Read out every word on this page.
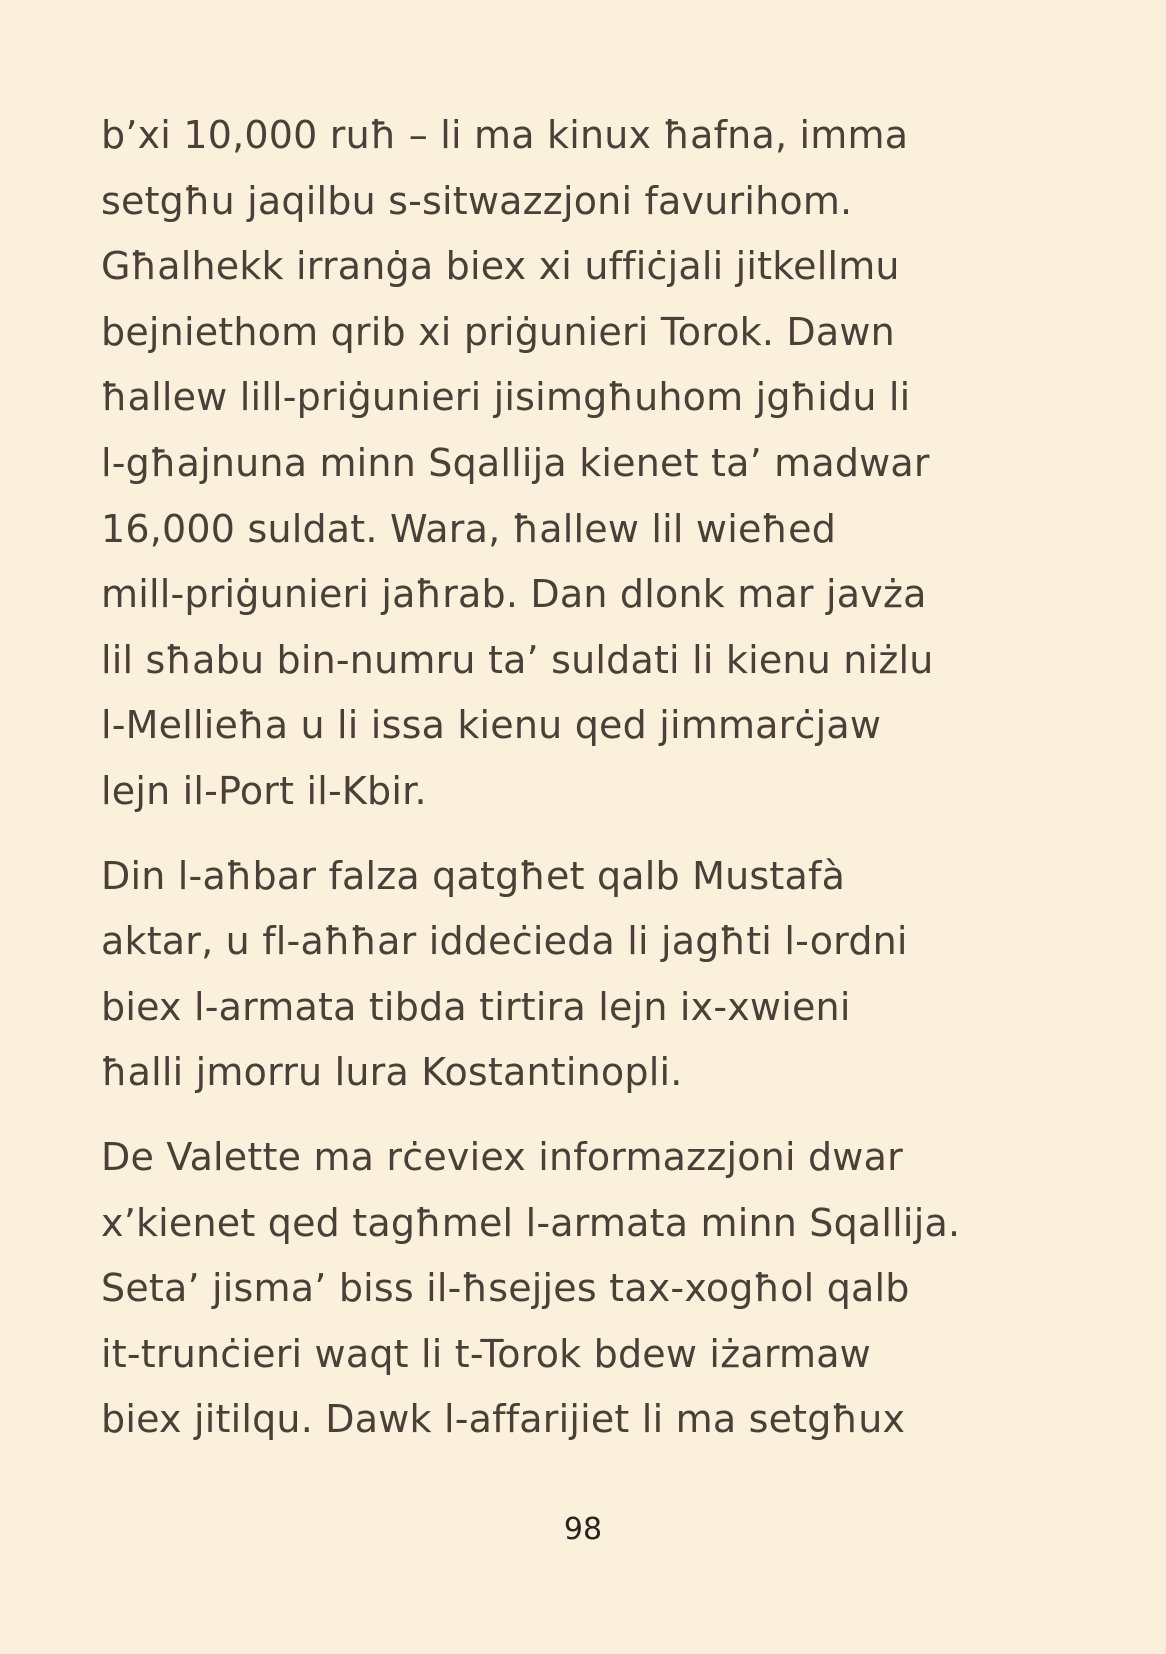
b’xi 10,000 ruħ – li ma kinux ħafna, imma
setgħu jaqilbu s-sitwazzjoni favurihom.
Għalhekk irranġa biex xi uffiċjali jitkellmu
bejniethom qrib xi priġunieri Torok. Dawn
ħallew lill-priġunieri jisimgħuhom jgħidu li
l-għajnuna minn Sqallija kienet ta’ madwar
16,000 suldat. Wara, ħallew lil wieħed
mill-priġunieri jaħrab. Dan dlonk mar javża
lil sħabu bin-numru ta’ suldati li kienu niżlu
l-Mellieħa u li issa kienu qed jimmarċjaw
lejn il-Port il-Kbir.
Din l-aħbar falza qatgħet qalb Mustafà
aktar, u fl-aħħar iddeċieda li jagħti l-ordni
biex l-armata tibda tirtira lejn ix-xwieni
ħalli jmorru lura Kostantinopli.
De Valette ma rċeviex informazzjoni dwar
x’kienet qed tagħmel l-armata minn Sqallija.
Seta’ jisma’ biss il-ħsejjes tax-xogħol qalb
it-trunċieri waqt li t-Torok bdew iżarmaw
biex jitilqu. Dawk l-affarijiet li ma setgħux
98
